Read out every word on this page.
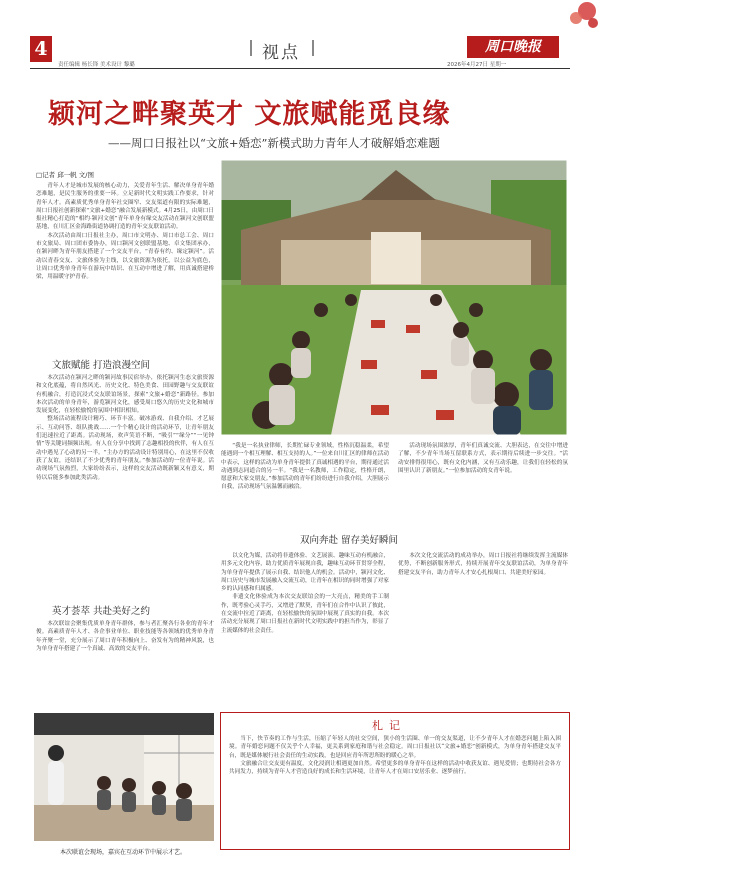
4	视点	周口晚报
责任编辑 杨长锋 美术设计 黎璐	2026年4月27日 星期一
颍河之畔聚英才 文旅赋能觅良缘
——周口日报社以“文旅+婚恋”新模式助力青年人才破解婚恋难题
□记者 邱一帆 文/图

青年人才是城市发展的核心动力，关爱青年生活、解决单身青年婚恋难题，是民生服务的重要一环。立足新时代文明实践工作要求，针对青年人才。高素质优秀单身青年社交圈窄、交友渠道有限的实际难题，周口日报社创新探索“文旅+婚恋”融合发展新模式。4月25日，由周口日报社精心打造的“相约·颍河文创”青年单身有缘交友活动在颍河文创联盟基地，在川汇区金海路街道协调打造的青年交友联谊活动。

本次活动由周口日报社主办，周口市文明办、周口市总工会、周口市文旅局、周口团市委协办，周口颍河文创联盟基地、卓文集团承办，在颍河畔为青年朋友搭建了一个交友平台，“青春有约、缘定颍河”。活动以青春交友、文旅体验为主线，以文旅资源为依托，以公益为底色，让周口优秀单身青年在游玩中结识、在互动中增进了解，用真诚搭建桥梁，用温暖守护青春。

文旅赋能 打造浪漫空间

本次活动在颍河之畔的颍河故事民宿举办，依托颍河生态文旅资源和文化底蕴，将自然风光、历史文化、特色美食、田园野趣与交友联谊有机融合，打造沉浸式交友联谊场景，探索“文旅+婚恋”新路径。参加本次活动的单身青年，游览颍河文化，感受周口悠久的历史文化和城市发展变化，在轻松愉悦的氛围中相识相知。

整场活动流程设计精巧、环节丰富。破冰游戏、自我介绍、才艺展示、互动问答、组队挑战……一个个精心设计的活动环节，让青年朋友们迅速拉近了距离。活动现场，欢声笑语不断，“吸引”“缘分”“一见钟情”等关键词频频出现。有人在分享中找到了志趣相投的伙伴，有人在互动中遇见了心动的另一半。“主办方的活动设计特别用心，在这里不仅收获了友谊，还结识了不少优秀的青年朋友。”参加活动的一位青年说。活动现场气氛热烈，大家纷纷表示，这样的交友活动既新颖又有意义，期待以后能多参加此类活动。

英才荟萃 共赴美好之约

本次联谊会聚集优质单身青年群体，参与者汇聚各行各业的青年才俊。高素质青年人才、各企事业单位、职业技能等各领域的优秀单身青年齐聚一堂，充分展示了周口青年积极向上、奋发有为的精神风貌，也为单身青年搭建了一个真诚、高效的交友平台。

活动现场 邱一帆 摄

“我是一名执业律师，长期忙碌专业领域，性格沉稳温柔，希望能遇到一个相互理解、相互支持的人。”一位来自川汇区的律师在活动中表示，这样的活动为单身青年提供了真诚相遇的平台，期待通过活动遇到志同道合的另一半。“我是一名教师，工作稳定，性格开朗，愿意和大家交朋友。”参加活动的青年们纷纷进行自我介绍，大胆展示自我，活动现场气氛温馨而融洽。

活动现场氛围浓厚，青年们真诚交流、大胆表达，在交往中增进了解，不少青年当场互留联系方式，表示期待后续进一步交往。“活动安排得很用心，既有文化内涵，又有互动乐趣，让我们在轻松的氛围里认识了新朋友。”一位参加活动的女青年说。

双向奔赴 留存美好瞬间

以文化为媒，活动将非遗体验、文艺展演、趣味互动有机融合，用多元文化内容，助力优质青年展现自我，趣味互动环节贯穿全程，为单身青年提供了展示自我、结识他人的机会。活动中，颍河文化、周口历史与城市发展融入交流互动，让青年在相识的同时增强了对家乡的认同感和归属感。

非遗文化体验成为本次交友联谊会的一大亮点，精美的手工制作，既考验心灵手巧，又增进了默契，青年们在合作中认识了彼此，在交流中拉近了距离，在轻松愉快的氛围中展现了真实的自我。本次活动充分展现了周口日报社在新时代文明实践中的担当作为，彰显了主流媒体的社会责任。

本次文化交流活动的成功举办，周口日报社将继续发挥主流媒体优势，不断创新服务形式，持续开展青年交友联谊活动，为单身青年搭建交友平台，助力青年人才安心扎根周口、共建美好家园。

本次联谊会现场，嘉宾在互动环节中展示才艺。

当下，快节奏的工作与生活，压缩了年轻人的社交空间，狭小的生活圈、单一的交友渠道，让不少青年人才在婚恋问题上陷入困境。青年婚恋问题不仅关乎个人幸福，更关系到家庭和谐与社会稳定。周口日报社以“文旅+婚恋”创新模式，为单身青年搭建交友平台，既是媒体履行社会责任的生动实践，也是回应青年所思所盼的暖心之举。

文旅融合让交友更有温度，文化浸润让相遇更加自然。希望更多的单身青年在这样的活动中收获友谊、遇见爱情；也期待社会各方共同发力，持续为青年人才营造良好的成长和生活环境，让青年人才在周口安居乐业、逐梦前行。

札记
